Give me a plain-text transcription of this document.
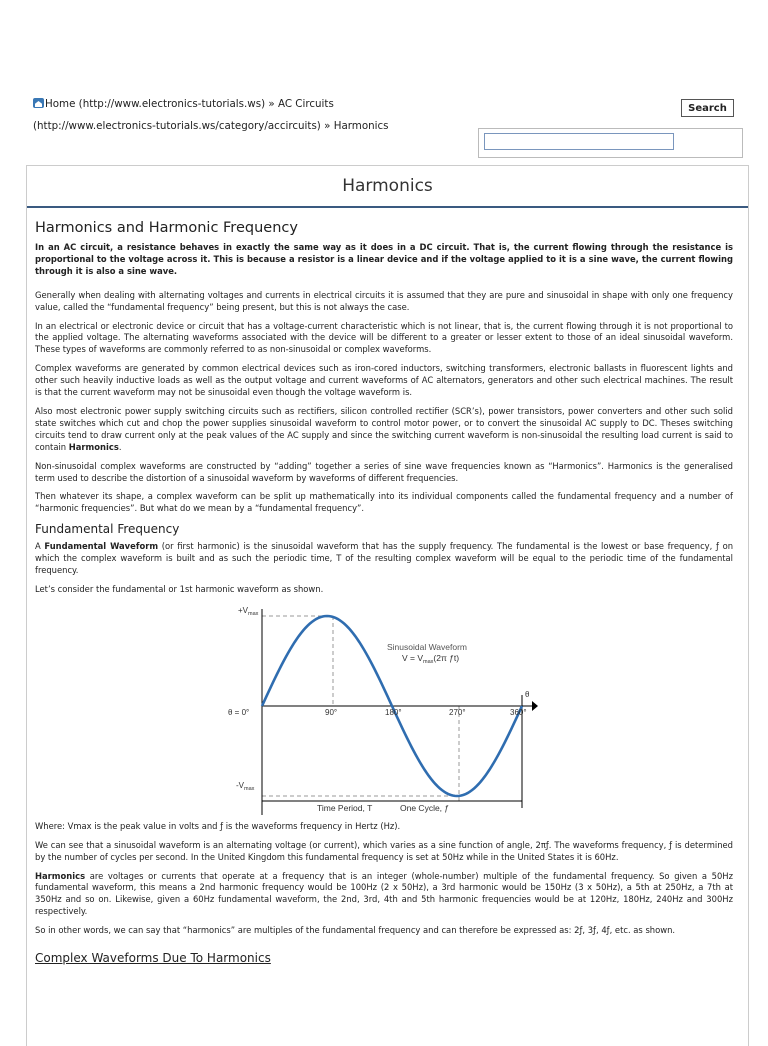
Home (http://www.electronics-tutorials.ws) » AC Circuits (http://www.electronics-tutorials.ws/category/accircuits) » Harmonics
Search
Harmonics
Harmonics and Harmonic Frequency

In an AC circuit, a resistance behaves in exactly the same way as it does in a DC circuit. That is, the current flowing through the resistance is proportional to the voltage across it. This is because a resistor is a linear device and if the voltage applied to it is a sine wave, the current flowing through it is also a sine wave.

Generally when dealing with alternating voltages and currents in electrical circuits it is assumed that they are pure and sinusoidal in shape with only one frequency value, called the “fundamental frequency” being present, but this is not always the case.

In an electrical or electronic device or circuit that has a voltage-current characteristic which is not linear, that is, the current flowing through it is not proportional to the applied voltage. The alternating waveforms associated with the device will be different to a greater or lesser extent to those of an ideal sinusoidal waveform. These types of waveforms are commonly referred to as non-sinusoidal or complex waveforms.

Complex waveforms are generated by common electrical devices such as iron-cored inductors, switching transformers, electronic ballasts in fluorescent lights and other such heavily inductive loads as well as the output voltage and current waveforms of AC alternators, generators and other such electrical machines. The result is that the current waveform may not be sinusoidal even though the voltage waveform is.

Also most electronic power supply switching circuits such as rectifiers, silicon controlled rectifier (SCR’s), power transistors, power converters and other such solid state switches which cut and chop the power supplies sinusoidal waveform to control motor power, or to convert the sinusoidal AC supply to DC. Theses switching circuits tend to draw current only at the peak values of the AC supply and since the switching current waveform is non-sinusoidal the resulting load current is said to contain Harmonics.

Non-sinusoidal complex waveforms are constructed by “adding” together a series of sine wave frequencies known as “Harmonics”. Harmonics is the generalised term used to describe the distortion of a sinusoidal waveform by waveforms of different frequencies.

Then whatever its shape, a complex waveform can be split up mathematically into its individual components called the fundamental frequency and a number of “harmonic frequencies”. But what do we mean by a “fundamental frequency”.

Fundamental Frequency

A Fundamental Waveform (or first harmonic) is the sinusoidal waveform that has the supply frequency. The fundamental is the lowest or base frequency, ƒ on which the complex waveform is built and as such the periodic time, Τ of the resulting complex waveform will be equal to the periodic time of the fundamental frequency.

Let’s consider the fundamental or 1st harmonic waveform as shown.

$+V_{max}$
$-V_{max}$
θ
θ = 0°	90°	180°	270°	360°
Sinusoidal Waveform
$V = V_{max}(2\pi$ ƒt)
Time Period, T	One Cycle, ƒ

Where: Vmax is the peak value in volts and ƒ is the waveforms frequency in Hertz (Hz).

We can see that a sinusoidal waveform is an alternating voltage (or current), which varies as a sine function of angle, 2πƒ. The waveforms frequency, ƒ is determined by the number of cycles per second. In the United Kingdom this fundamental frequency is set at 50Hz while in the United States it is 60Hz.

Harmonics are voltages or currents that operate at a frequency that is an integer (whole-number) multiple of the fundamental frequency. So given a 50Hz fundamental waveform, this means a 2nd harmonic frequency would be 100Hz (2 x 50Hz), a 3rd harmonic would be 150Hz (3 x 50Hz), a 5th at 250Hz, a 7th at 350Hz and so on. Likewise, given a 60Hz fundamental waveform, the 2nd, 3rd, 4th and 5th harmonic frequencies would be at 120Hz, 180Hz, 240Hz and 300Hz respectively.

So in other words, we can say that “harmonics” are multiples of the fundamental frequency and can therefore be expressed as: 2ƒ, 3ƒ, 4ƒ, etc. as shown.

Complex Waveforms Due To Harmonics
